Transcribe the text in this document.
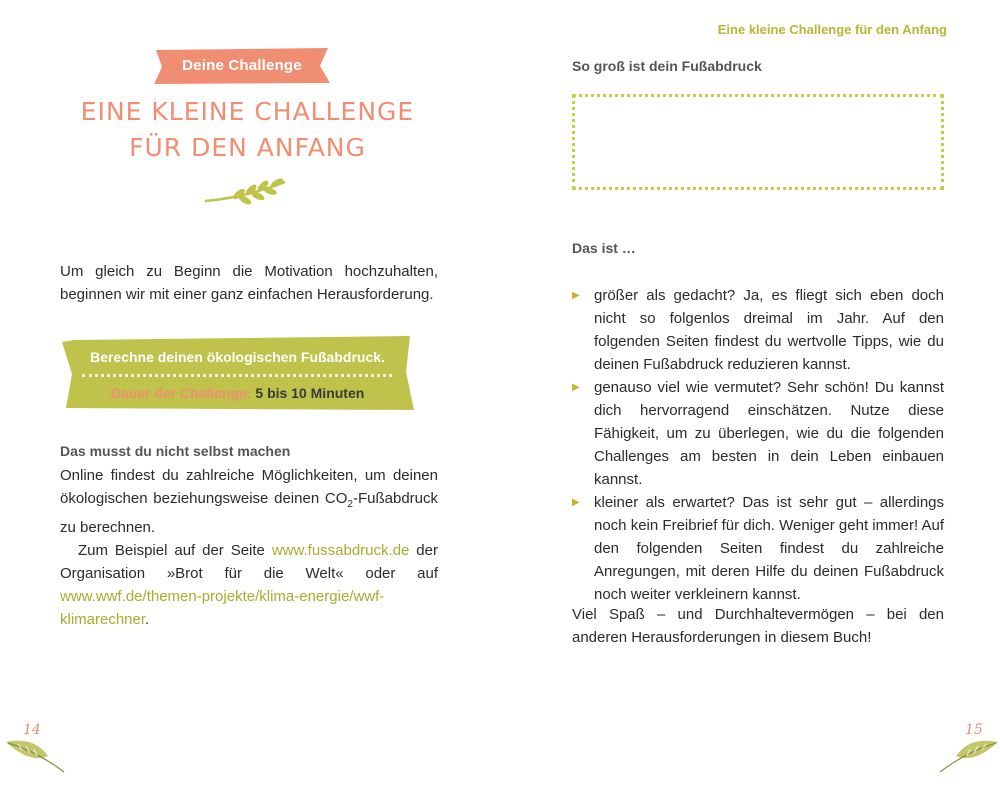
Deine Challenge
EINE KLEINE CHALLENGE
FÜR DEN ANFANG
Um gleich zu Beginn die Motivation hochzuhalten, beginnen wir mit einer ganz einfachen Herausforderung.
Berechne deinen ökologischen Fußabdruck.
Dauer der Challenge: 5 bis 10 Minuten
Das musst du nicht selbst machen

Online findest du zahlreiche Möglichkeiten, um deinen ökologischen beziehungsweise deinen $CO_2$-Fußabdruck zu berechnen.

Zum Beispiel auf der Seite www.fussabdruck.de der Organisation »Brot für die Welt« oder auf www.wwf.de/themen-projekte/klima-energie/wwf-klimarechner.

14
Eine kleine Challenge für den Anfang
So groß ist dein Fußabdruck
Das ist …
▶ größer als gedacht? Ja, es fliegt sich eben doch nicht so folgenlos dreimal im Jahr. Auf den folgenden Seiten findest du wertvolle Tipps, wie du deinen Fußabdruck reduzieren kannst.
▶ genauso viel wie vermutet? Sehr schön! Du kannst dich hervorragend einschätzen. Nutze diese Fähigkeit, um zu überlegen, wie du die folgenden Challenges am besten in dein Leben einbauen kannst.
▶ kleiner als erwartet? Das ist sehr gut – allerdings noch kein Freibrief für dich. Weniger geht immer! Auf den folgenden Seiten findest du zahlreiche Anregungen, mit deren Hilfe du deinen Fußabdruck noch weiter verkleinern kannst.
Viel Spaß – und Durchhaltevermögen – bei den anderen Herausforderungen in diesem Buch!
15
